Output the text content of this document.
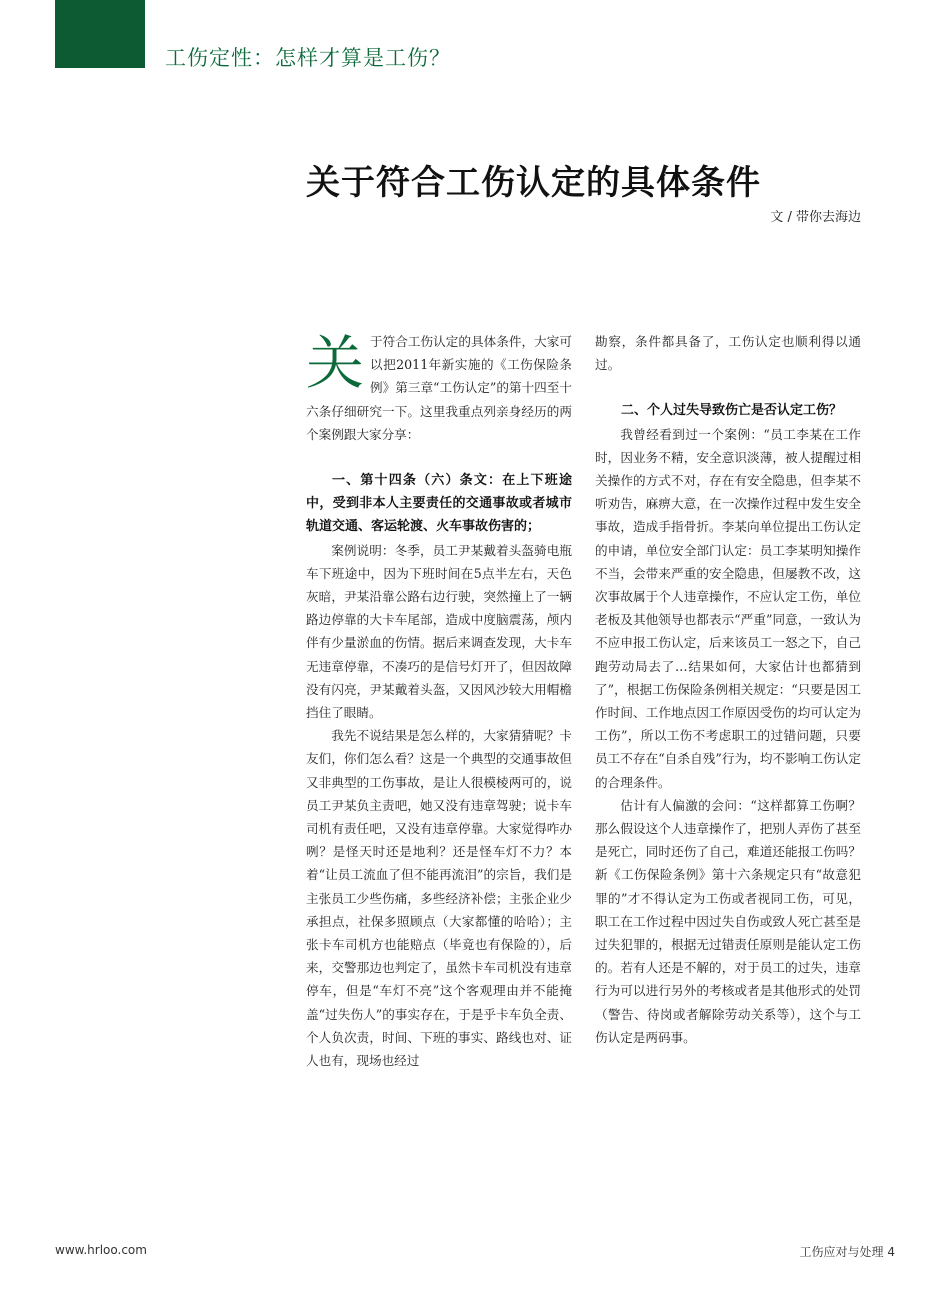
工伤定性：怎样才算是工伤？
关于符合工伤认定的具体条件
文 / 带你去海边

关于符合工伤认定的具体条件，大家可以把2011年新实施的《工伤保险条例》第三章“工伤认定”的第十四至十六条仔细研究一下。这里我重点列亲身经历的两个案例跟大家分享：

一、第十四条（六）条文：在上下班途中，受到非本人主要责任的交通事故或者城市轨道交通、客运轮渡、火车事故伤害的；

案例说明：冬季，员工尹某戴着头盔骑电瓶车下班途中，因为下班时间在5点半左右，天色灰暗，尹某沿靠公路右边行驶，突然撞上了一辆路边停靠的大卡车尾部，造成中度脑震荡，颅内伴有少量淤血的伤情。据后来调查发现，大卡车无违章停靠，不凑巧的是信号灯开了，但因故障没有闪亮，尹某戴着头盔，又因风沙较大用帽檐挡住了眼睛。

我先不说结果是怎么样的，大家猜猜呢？卡友们，你们怎么看？这是一个典型的交通事故但又非典型的工伤事故，是让人很模棱两可的，说员工尹某负主责吧，她又没有违章驾驶；说卡车司机有责任吧，又没有违章停靠。大家觉得咋办咧？是怪天时还是地利？还是怪车灯不力？本着“让员工流血了但不能再流泪”的宗旨，我们是主张员工少些伤痛，多些经济补偿；主张企业少承担点，社保多照顾点（大家都懂的哈哈）；主张卡车司机方也能赔点（毕竟也有保险的），后来，交警那边也判定了，虽然卡车司机没有违章停车，但是“车灯不亮”这个客观理由并不能掩盖“过失伤人”的事实存在，于是乎卡车负全责、个人负次责，时间、下班的事实、路线也对、证人也有，现场也经过

勘察，条件都具备了，工伤认定也顺利得以通过。

二、个人过失导致伤亡是否认定工伤？

我曾经看到过一个案例：“员工李某在工作时，因业务不精，安全意识淡薄，被人提醒过相关操作的方式不对，存在有安全隐患，但李某不听劝告，麻痹大意，在一次操作过程中发生安全事故，造成手指骨折。李某向单位提出工伤认定的申请，单位安全部门认定：员工李某明知操作不当，会带来严重的安全隐患，但屡教不改，这次事故属于个人违章操作，不应认定工伤，单位老板及其他领导也都表示“严重”同意，一致认为不应申报工伤认定，后来该员工一怒之下，自己跑劳动局去了…结果如何，大家估计也都猜到了”，根据工伤保险条例相关规定：“只要是因工作时间、工作地点因工作原因受伤的均可认定为工伤”，所以工伤不考虑职工的过错问题，只要员工不存在“自杀自残”行为，均不影响工伤认定的合理条件。

估计有人偏激的会问：“这样都算工伤啊？那么假设这个人违章操作了，把别人弄伤了甚至是死亡，同时还伤了自己，难道还能报工伤吗？新《工伤保险条例》第十六条规定只有“故意犯罪的”才不得认定为工伤或者视同工伤，可见，职工在工作过程中因过失自伤或致人死亡甚至是过失犯罪的，根据无过错责任原则是能认定工伤的。若有人还是不解的，对于员工的过失，违章行为可以进行另外的考核或者是其他形式的处罚（警告、待岗或者解除劳动关系等），这个与工伤认定是两码事。

www.hrloo.com	工伤应对与处理 4
